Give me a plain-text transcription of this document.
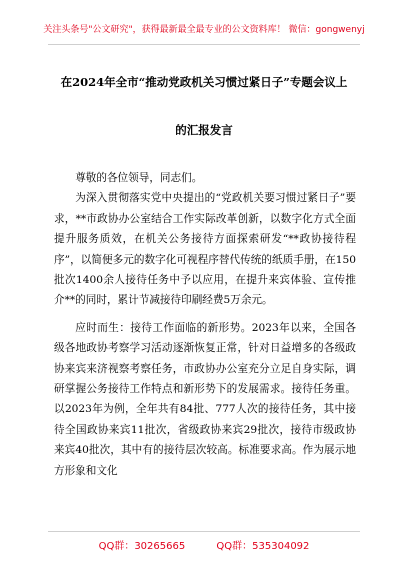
关注头条号"公文研究"，获得最新最全最专业的公文资料库！ 微信：gongwenyj
在2024年全市“推动党政机关习惯过紧日子”专题会议上
的汇报发言

尊敬的各位领导，同志们。

为深入贯彻落实党中央提出的“党政机关要习惯过紧日子”要求，**市政协办公室结合工作实际改革创新，以数字化方式全面提升服务质效，在机关公务接待方面探索研发“**政协接待程序”，以简便多元的数字化可视程序替代传统的纸质手册，在150批次1400余人接待任务中予以应用，在提升来宾体验、宣传推介**的同时，累计节减接待印刷经费5万余元。

应时而生：接待工作面临的新形势。2023年以来，全国各级各地政协考察学习活动逐渐恢复正常，针对日益增多的各级政协来宾来济视察考察任务，市政协办公室充分立足自身实际，调研掌握公务接待工作特点和新形势下的发展需求。接待任务重。以2023年为例，全年共有84批、777人次的接待任务，其中接待全国政协来宾11批次，省级政协来宾29批次，接待市级政协来宾40批次，其中有的接待层次较高。标准要求高。作为展示地方形象和文化

QQ群：30265665	QQ群：535304092
